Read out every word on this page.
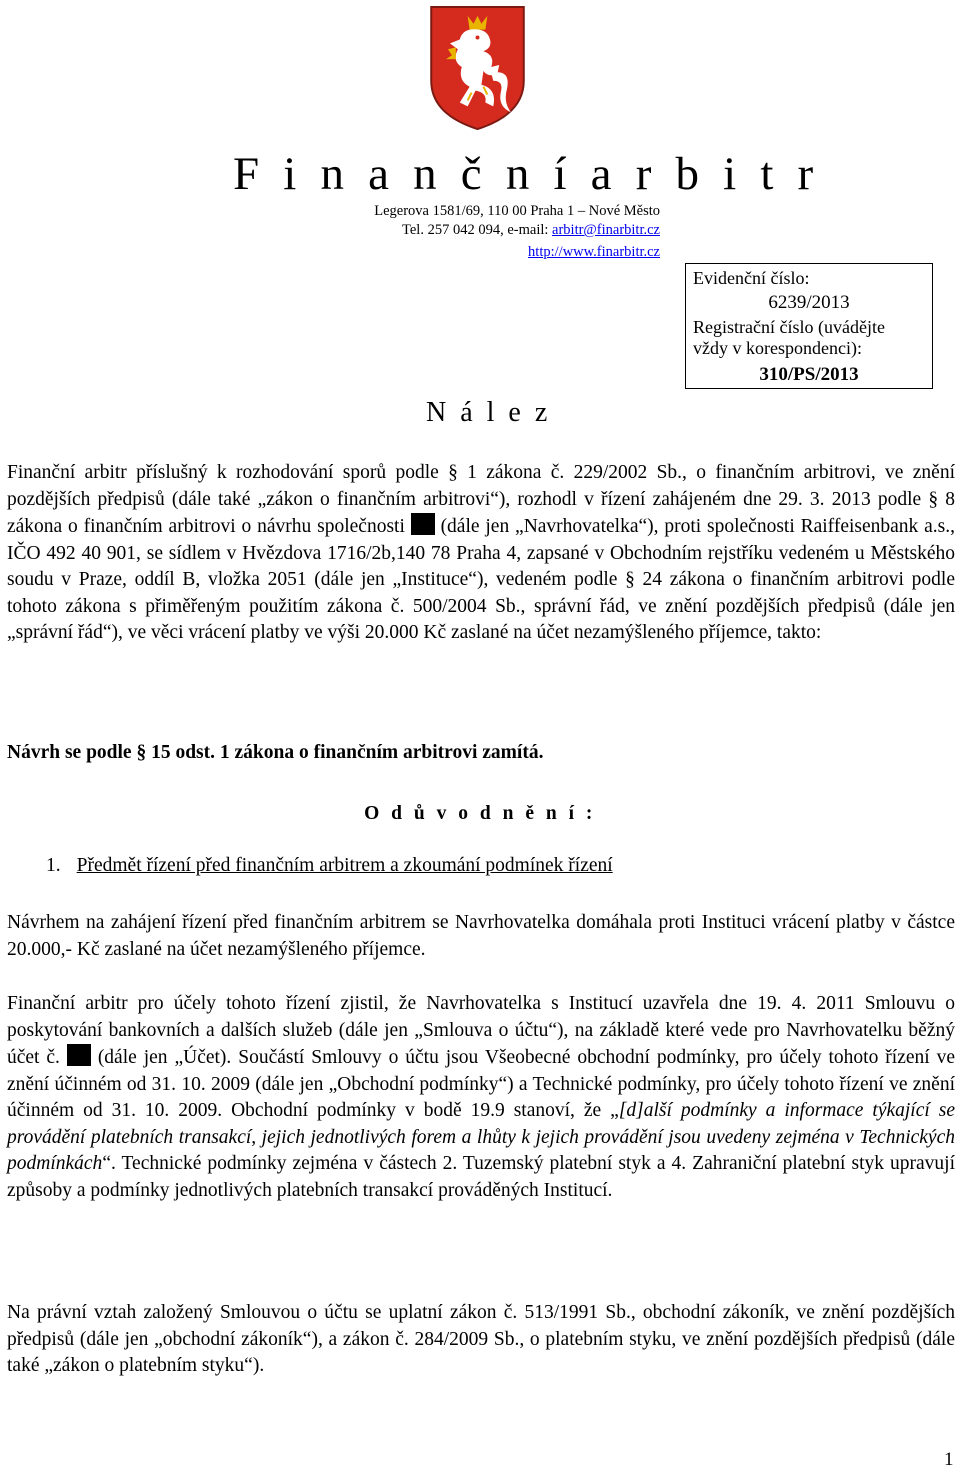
F i n a n č n í a r b i t r
Legerova 1581/69, 110 00 Praha 1 – Nové Město
Tel. 257 042 094, e-mail: arbitr@finarbitr.cz
http://www.finarbitr.cz
Evidenční číslo:
6239/2013
Registrační číslo (uvádějte
vždy v korespondenci):
310/PS/2013
N á l e z
Finanční arbitr příslušný k rozhodování sporů podle § 1 zákona č. 229/2002 Sb., o finančním arbitrovi, ve znění pozdějších předpisů (dále také „zákon o finančním arbitrovi“), rozhodl v řízení zahájeném dne 29. 3. 2013 podle § 8 zákona o finančním arbitrovi o návrhu společnosti (dále jen „Navrhovatelka“), proti společnosti Raiffeisenbank a.s., IČO 492 40 901, se sídlem v Hvězdova 1716/2b,140 78 Praha 4, zapsané v Obchodním rejstříku vedeném u Městského soudu v Praze, oddíl B, vložka 2051 (dále jen „Instituce“), vedeném podle § 24 zákona o finančním arbitrovi podle tohoto zákona s přiměřeným použitím zákona č. 500/2004 Sb., správní řád, ve znění pozdějších předpisů (dále jen „správní řád“), ve věci vrácení platby ve výši 20.000 Kč zaslané na účet nezamýšleného příjemce, takto:
Návrh se podle § 15 odst. 1 zákona o finančním arbitrovi zamítá.
O d ů v o d n ě n í :
1. Předmět řízení před finančním arbitrem a zkoumání podmínek řízení
Návrhem na zahájení řízení před finančním arbitrem se Navrhovatelka domáhala proti Instituci vrácení platby v částce 20.000,- Kč zaslané na účet nezamýšleného příjemce.
Finanční arbitr pro účely tohoto řízení zjistil, že Navrhovatelka s Institucí uzavřela dne 19. 4. 2011 Smlouvu o poskytování bankovních a dalších služeb (dále jen „Smlouva o účtu“), na základě které vede pro Navrhovatelku běžný účet č. (dále jen „Účet). Součástí Smlouvy o účtu jsou Všeobecné obchodní podmínky, pro účely tohoto řízení ve znění účinném od 31. 10. 2009 (dále jen „Obchodní podmínky“) a Technické podmínky, pro účely tohoto řízení ve znění účinném od 31. 10. 2009. Obchodní podmínky v bodě 19.9 stanoví, že „[d]alší podmínky a informace týkající se provádění platebních transakcí, jejich jednotlivých forem a lhůty k jejich provádění jsou uvedeny zejména v Technických podmínkách“. Technické podmínky zejména v částech 2. Tuzemský platební styk a 4. Zahraniční platební styk upravují způsoby a podmínky jednotlivých platebních transakcí prováděných Institucí.
Na právní vztah založený Smlouvou o účtu se uplatní zákon č. 513/1991 Sb., obchodní zákoník, ve znění pozdějších předpisů (dále jen „obchodní zákoník“), a zákon č. 284/2009 Sb., o platebním styku, ve znění pozdějších předpisů (dále také „zákon o platebním styku“).
1
